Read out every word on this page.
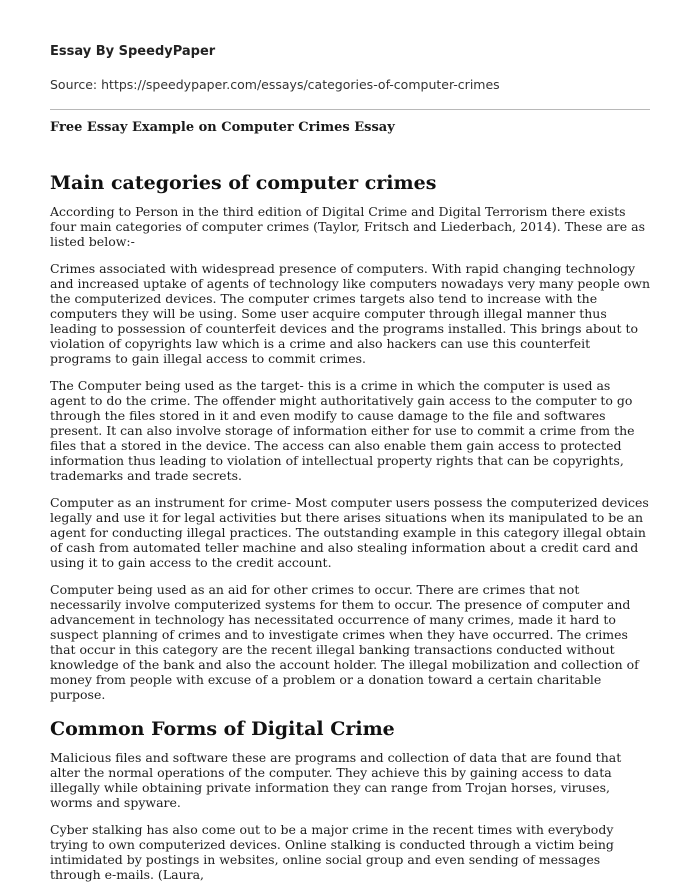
Essay By SpeedyPaper
Source: https://speedypaper.com/essays/categories-of-computer-crimes
Free Essay Example on Computer Crimes Essay
Main categories of computer crimes

According to Person in the third edition of Digital Crime and Digital Terrorism there exists four main categories of computer crimes (Taylor, Fritsch and Liederbach, 2014). These are as listed below:-

Crimes associated with widespread presence of computers. With rapid changing technology and increased uptake of agents of technology like computers nowadays very many people own the computerized devices. The computer crimes targets also tend to increase with the computers they will be using. Some user acquire computer through illegal manner thus leading to possession of counterfeit devices and the programs installed. This brings about to violation of copyrights law which is a crime and also hackers can use this counterfeit programs to gain illegal access to commit crimes.

The Computer being used as the target- this is a crime in which the computer is used as agent to do the crime. The offender might authoritatively gain access to the computer to go through the files stored in it and even modify to cause damage to the file and softwares present. It can also involve storage of information either for use to commit a crime from the files that a stored in the device. The access can also enable them gain access to protected information thus leading to violation of intellectual property rights that can be copyrights, trademarks and trade secrets.

Computer as an instrument for crime- Most computer users possess the computerized devices legally and use it for legal activities but there arises situations when its manipulated to be an agent for conducting illegal practices. The outstanding example in this category illegal obtain of cash from automated teller machine and also stealing information about a credit card and using it to gain access to the credit account.

Computer being used as an aid for other crimes to occur. There are crimes that not necessarily involve computerized systems for them to occur. The presence of computer and advancement in technology has necessitated occurrence of many crimes, made it hard to suspect planning of crimes and to investigate crimes when they have occurred. The crimes that occur in this category are the recent illegal banking transactions conducted without knowledge of the bank and also the account holder. The illegal mobilization and collection of money from people with excuse of a problem or a donation toward a certain charitable purpose.

Common Forms of Digital Crime

Malicious files and software these are programs and collection of data that are found that alter the normal operations of the computer. They achieve this by gaining access to data illegally while obtaining private information they can range from Trojan horses, viruses, worms and spyware.

Cyber stalking has also come out to be a major crime in the recent times with everybody trying to own computerized devices. Online stalking is conducted through a victim being intimidated by postings in websites, online social group and even sending of messages through e-mails. (Laura,
